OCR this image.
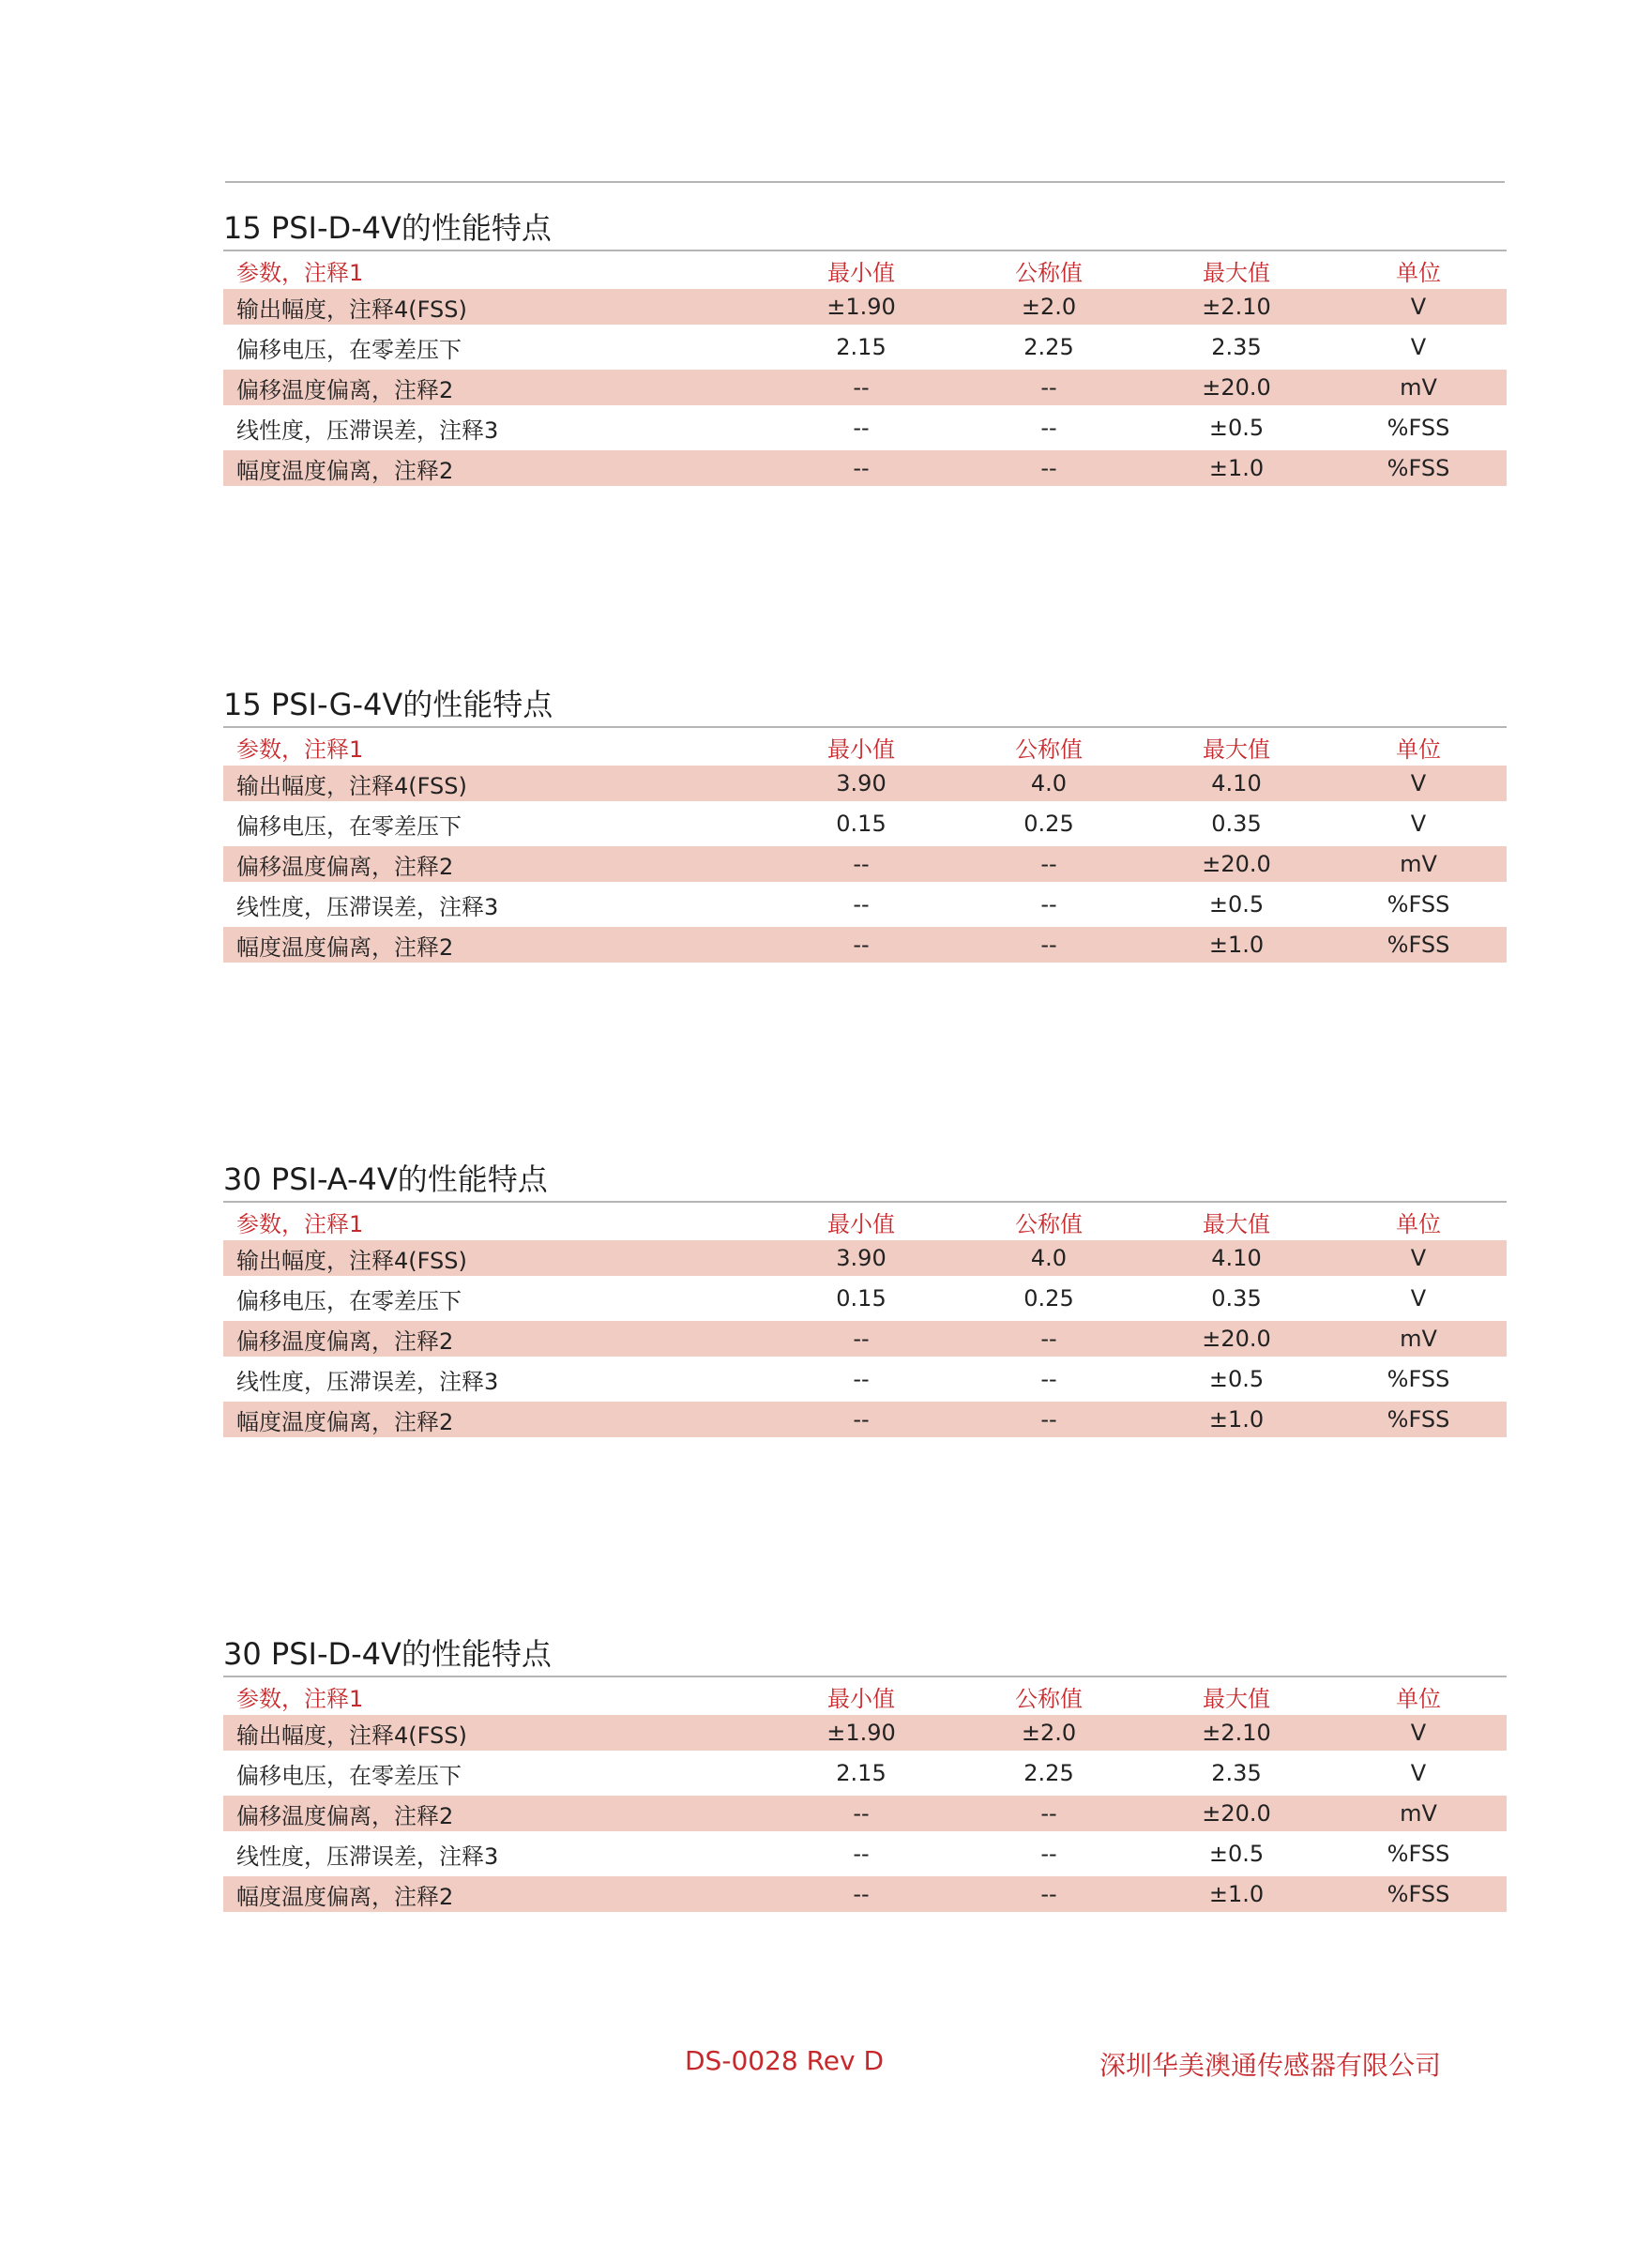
15 PSI-D-4V的性能特点
参数，注释1	最小值	公称值	最大值	单位
输出幅度，注释4(FSS)	±1.90	±2.0	±2.10	V
偏移电压，在零差压下	2.15	2.25	2.35	V
偏移温度偏离，注释2	--	--	±20.0	mV
线性度，压滞误差，注释3	--	--	±0.5	%FSS
幅度温度偏离，注释2	--	--	±1.0	%FSS
15 PSI-G-4V的性能特点
参数，注释1	最小值	公称值	最大值	单位
输出幅度，注释4(FSS)	3.90	4.0	4.10	V
偏移电压，在零差压下	0.15	0.25	0.35	V
偏移温度偏离，注释2	--	--	±20.0	mV
线性度，压滞误差，注释3	--	--	±0.5	%FSS
幅度温度偏离，注释2	--	--	±1.0	%FSS
30 PSI-A-4V的性能特点
参数，注释1	最小值	公称值	最大值	单位
输出幅度，注释4(FSS)	3.90	4.0	4.10	V
偏移电压，在零差压下	0.15	0.25	0.35	V
偏移温度偏离，注释2	--	--	±20.0	mV
线性度，压滞误差，注释3	--	--	±0.5	%FSS
幅度温度偏离，注释2	--	--	±1.0	%FSS
30 PSI-D-4V的性能特点
参数，注释1	最小值	公称值	最大值	单位
输出幅度，注释4(FSS)	±1.90	±2.0	±2.10	V
偏移电压，在零差压下	2.15	2.25	2.35	V
偏移温度偏离，注释2	--	--	±20.0	mV
线性度，压滞误差，注释3	--	--	±0.5	%FSS
幅度温度偏离，注释2	--	--	±1.0	%FSS
DS-0028 Rev D	深圳华美澳通传感器有限公司
